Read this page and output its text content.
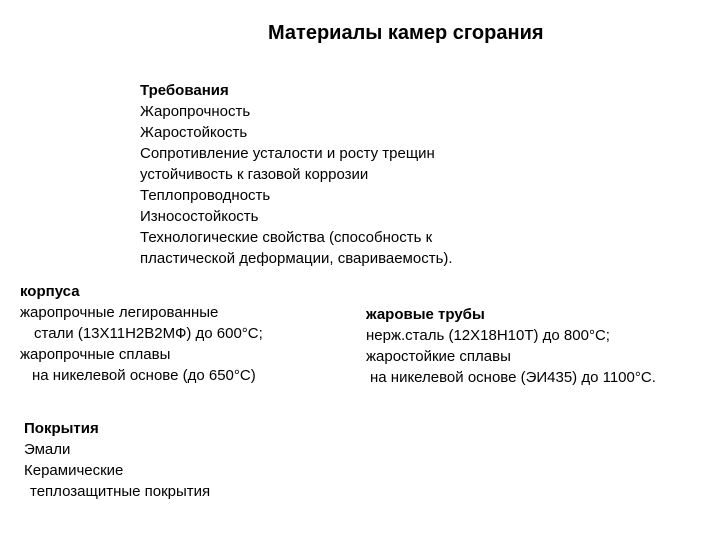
Материалы камер сгорания
Требования
Жаропрочность
Жаростойкость
Сопротивление усталости и росту трещин
устойчивость к газовой коррозии
Теплопроводность
Износостойкость
Технологические свойства (способность к
пластической деформации, свариваемость).
корпуса
жаропрочные легированные
стали (13Х11Н2В2МФ) до 600°С;
жаропрочные сплавы
на никелевой основе (до 650°С)
жаровые трубы
нерж.сталь (12Х18Н10Т) до 800°С;
жаростойкие сплавы
на никелевой основе (ЭИ435) до 1100°С.
Покрытия
Эмали
Керамические
теплозащитные покрытия
